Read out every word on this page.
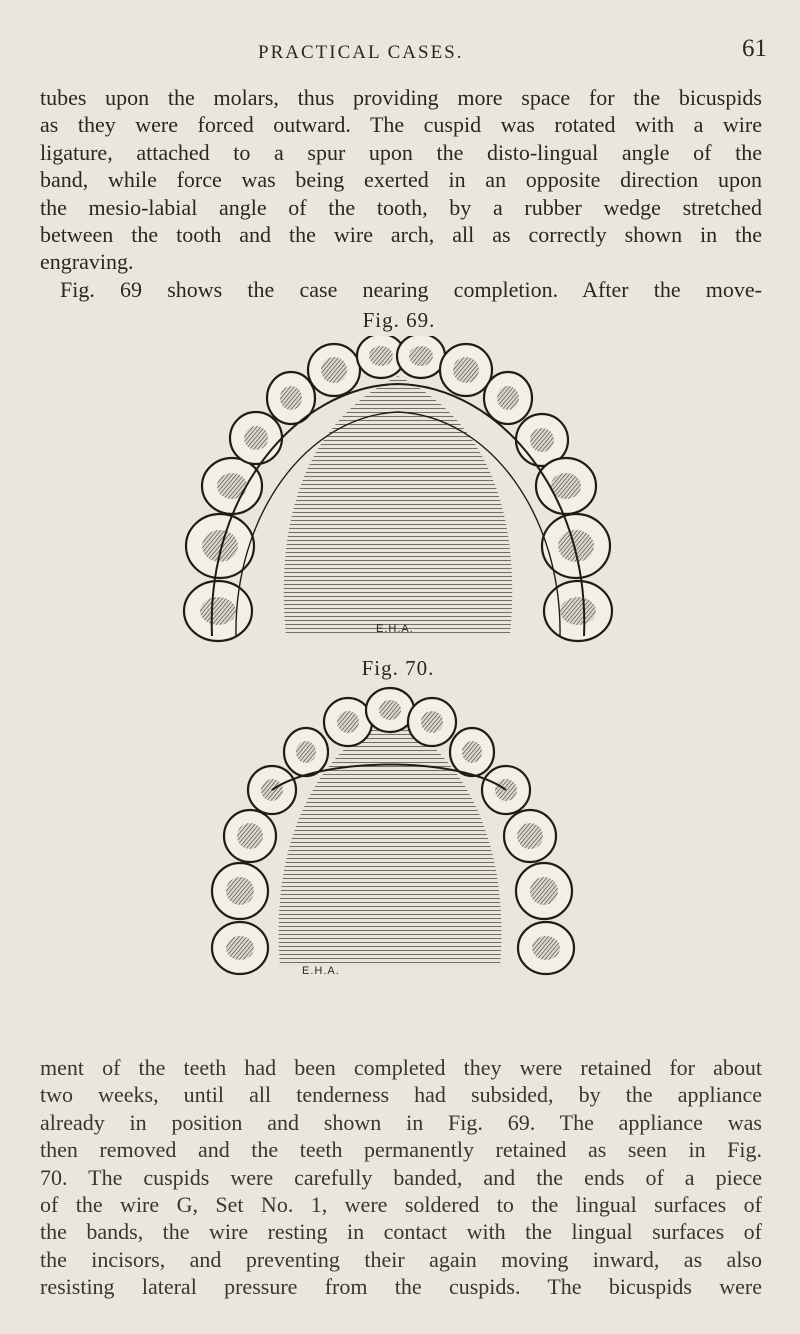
PRACTICAL CASES.	61

tubes upon the molars, thus providing more space for the bicuspids
as they were forced outward. The cuspid was rotated with a wire
ligature, attached to a spur upon the disto-lingual angle of the
band, while force was being exerted in an opposite direction upon
the mesio-labial angle of the tooth, by a rubber wedge stretched
between the tooth and the wire arch, all as correctly shown in the
engraving.
Fig. 69 shows the case nearing completion. After the move-

Fig. 69.
E.H.A.
Fig. 70.
E.H.A.

ment of the teeth had been completed they were retained for about
two weeks, until all tenderness had subsided, by the appliance
already in position and shown in Fig. 69. The appliance was
then removed and the teeth permanently retained as seen in Fig.
70. The cuspids were carefully banded, and the ends of a piece
of the wire G, Set No. 1, were soldered to the lingual surfaces of
the bands, the wire resting in contact with the lingual surfaces of
the incisors, and preventing their again moving inward, as also
resisting lateral pressure from the cuspids. The bicuspids were
